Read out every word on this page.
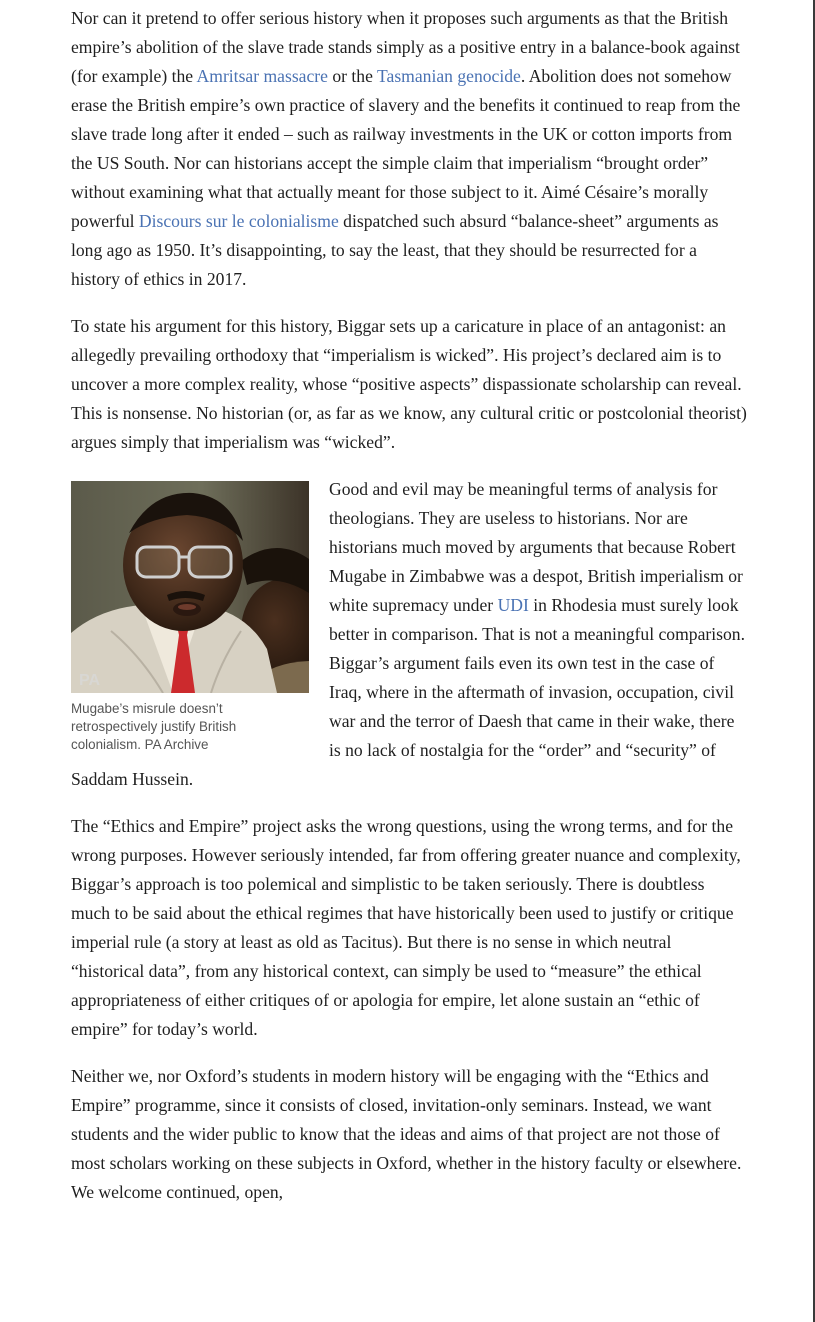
Nor can it pretend to offer serious history when it proposes such arguments as that the British empire’s abolition of the slave trade stands simply as a positive entry in a balance-book against (for example) the Amritsar massacre or the Tasmanian genocide. Abolition does not somehow erase the British empire’s own practice of slavery and the benefits it continued to reap from the slave trade long after it ended – such as railway investments in the UK or cotton imports from the US South. Nor can historians accept the simple claim that imperialism “brought order” without examining what that actually meant for those subject to it. Aimé Césaire’s morally powerful Discours sur le colonialisme dispatched such absurd “balance-sheet” arguments as long ago as 1950. It’s disappointing, to say the least, that they should be resurrected for a history of ethics in 2017.

To state his argument for this history, Biggar sets up a caricature in place of an antagonist: an allegedly prevailing orthodoxy that “imperialism is wicked”. His project’s declared aim is to uncover a more complex reality, whose “positive aspects” dispassionate scholarship can reveal. This is nonsense. No historian (or, as far as we know, any cultural critic or postcolonial theorist) argues simply that imperialism was “wicked”.

PA
Mugabe’s misrule doesn’t retrospectively justify British colonialism. PA Archive

Good and evil may be meaningful terms of analysis for theologians. They are useless to historians. Nor are historians much moved by arguments that because Robert Mugabe in Zimbabwe was a despot, British imperialism or white supremacy under UDI in Rhodesia must surely look better in comparison. That is not a meaningful comparison. Biggar’s argument fails even its own test in the case of Iraq, where in the aftermath of invasion, occupation, civil war and the terror of Daesh that came in their wake, there is no lack of nostalgia for the “order” and “security” of Saddam Hussein.

The “Ethics and Empire” project asks the wrong questions, using the wrong terms, and for the wrong purposes. However seriously intended, far from offering greater nuance and complexity, Biggar’s approach is too polemical and simplistic to be taken seriously. There is doubtless much to be said about the ethical regimes that have historically been used to justify or critique imperial rule (a story at least as old as Tacitus). But there is no sense in which neutral “historical data”, from any historical context, can simply be used to “measure” the ethical appropriateness of either critiques of or apologia for empire, let alone sustain an “ethic of empire” for today’s world.

Neither we, nor Oxford’s students in modern history will be engaging with the “Ethics and Empire” programme, since it consists of closed, invitation-only seminars. Instead, we want students and the wider public to know that the ideas and aims of that project are not those of most scholars working on these subjects in Oxford, whether in the history faculty or elsewhere. We welcome continued, open,
